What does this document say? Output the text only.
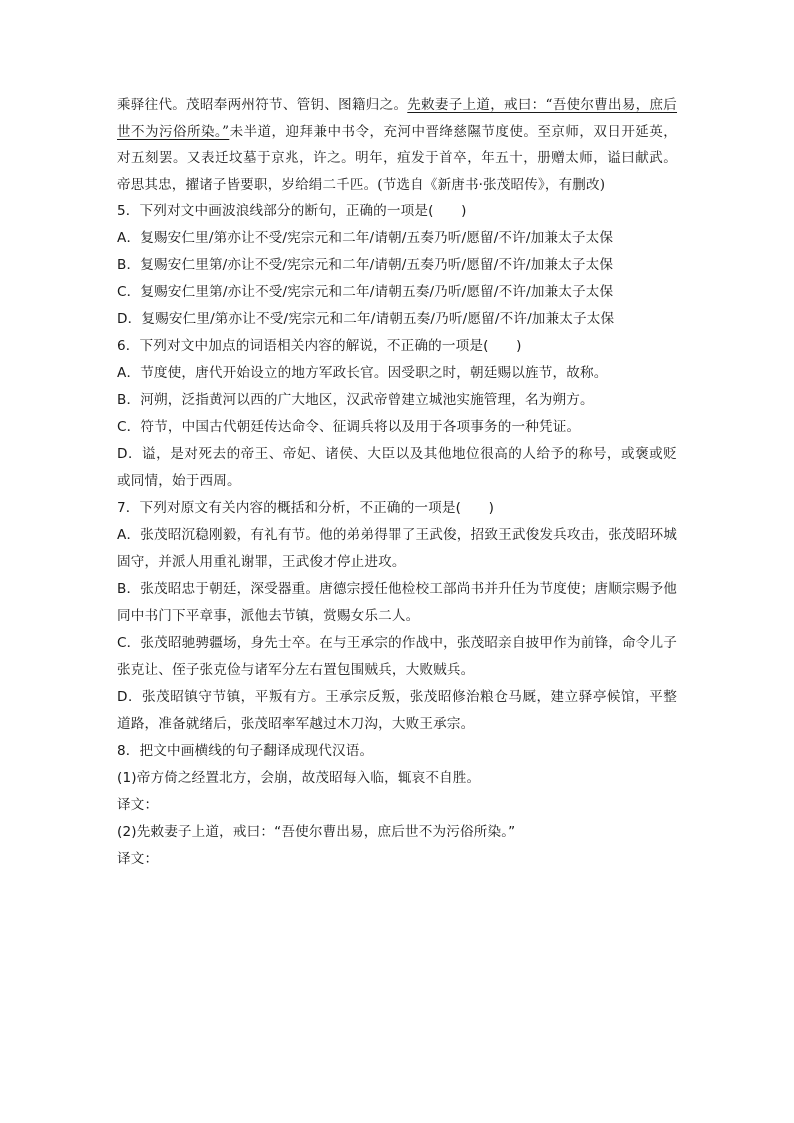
乘驿往代。茂昭奉两州符节、管钥、图籍归之。先敕妻子上道，戒曰：“吾使尔曹出易，庶后世不为污俗所染。”未半道，迎拜兼中书令，充河中晋绛慈隰节度使。至京师，双日开延英，对五刻罢。又表迁坟墓于京兆，许之。明年，疽发于首卒，年五十，册赠太师，谥曰献武。帝思其忠，擢诸子皆要职，岁给绢二千匹。(节选自《新唐书·张茂昭传》，有删改)

5．下列对文中画波浪线部分的断句，正确的一项是(　　)

A．复赐安仁里/第亦让不受/宪宗元和二年/请朝/五奏乃听/愿留/不许/加兼太子太保

B．复赐安仁里第/亦让不受/宪宗元和二年/请朝/五奏乃听/愿留/不许/加兼太子太保

C．复赐安仁里第/亦让不受/宪宗元和二年/请朝五奏/乃听/愿留/不许/加兼太子太保

D．复赐安仁里/第亦让不受/宪宗元和二年/请朝五奏/乃听/愿留/不许/加兼太子太保

6．下列对文中加点的词语相关内容的解说，不正确的一项是(　　)

A．节度使，唐代开始设立的地方军政长官。因受职之时，朝廷赐以旌节，故称。

B．河朔，泛指黄河以西的广大地区，汉武帝曾建立城池实施管理，名为朔方。

C．符节，中国古代朝廷传达命令、征调兵将以及用于各项事务的一种凭证。

D．谥，是对死去的帝王、帝妃、诸侯、大臣以及其他地位很高的人给予的称号，或褒或贬或同情，始于西周。

7．下列对原文有关内容的概括和分析，不正确的一项是(　　)

A．张茂昭沉稳刚毅，有礼有节。他的弟弟得罪了王武俊，招致王武俊发兵攻击，张茂昭环城固守，并派人用重礼谢罪，王武俊才停止进攻。

B．张茂昭忠于朝廷，深受器重。唐德宗授任他检校工部尚书并升任为节度使；唐顺宗赐予他同中书门下平章事，派他去节镇，赏赐女乐二人。

C．张茂昭驰骋疆场，身先士卒。在与王承宗的作战中，张茂昭亲自披甲作为前锋，命令儿子张克让、侄子张克俭与诸军分左右置包围贼兵，大败贼兵。

D．张茂昭镇守节镇，平叛有方。王承宗反叛，张茂昭修治粮仓马厩，建立驿亭候馆，平整道路，准备就绪后，张茂昭率军越过木刀沟，大败王承宗。

8．把文中画横线的句子翻译成现代汉语。

(1)帝方倚之经置北方，会崩，故茂昭每入临，辄哀不自胜。

译文：

(2)先敕妻子上道，戒曰：“吾使尔曹出易，庶后世不为污俗所染。”

译文：
